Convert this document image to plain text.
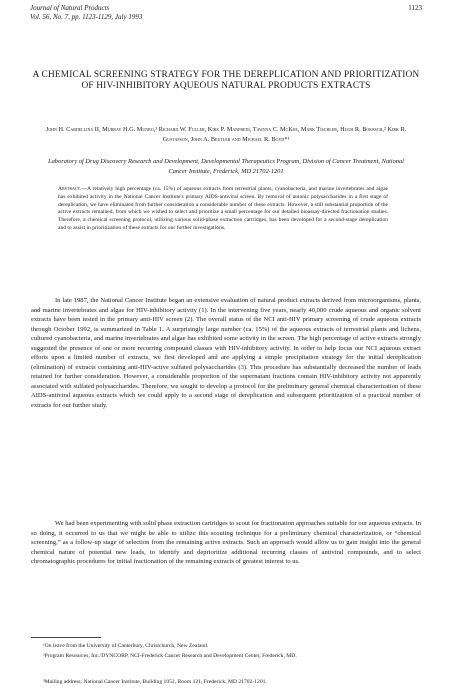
Journal of Natural Products
Vol. 56, No. 7, pp. 1123-1129, July 1993
1123
A CHEMICAL SCREENING STRATEGY FOR THE DEREPLICATION AND PRIORITIZATION OF HIV-INHIBITORY AQUEOUS NATURAL PRODUCTS EXTRACTS
John H. Cardellina II, Murray H.G. Munro,¹ Richard W. Fuller, Kirk P. Manfredi, Tawnya C. McKee, Mark Tischler, Hugh R. Bokesch,² Kirk R. Gustafson, John A. Beutler and Michael R. Boyd*³
Laboratory of Drug Discovery Research and Development, Developmental Therapeutics Program, Division of Cancer Treatment, National Cancer Institute, Frederick, MD 21702-1201
Abstract.—A relatively high percentage (ca. 15%) of aqueous extracts from terrestrial plants, cyanobacteria, and marine invertebrates and algae has exhibited activity in the National Cancer Institute's primary AIDS-antiviral screen. By removal of anionic polysaccharides in a first stage of dereplication, we have eliminated from further consideration a considerable number of these extracts. However, a still substantial proportion of the active extracts remained, from which we wished to select and prioritize a small percentage for our detailed bioassay-directed fractionation studies. Therefore, a chemical screening protocol, utilizing various solid-phase extraction cartridges, has been developed for a second-stage dereplication and to assist in prioritization of these extracts for our further investigations.

In late 1987, the National Cancer Institute began an extensive evaluation of natural product extracts derived from microorganisms, plants, and marine invertebrates and algae for HIV-inhibitory activity (1). In the intervening five years, nearly 40,000 crude aqueous and organic solvent extracts have been tested in the primary anti-HIV screen (2). The overall status of the NCI anti-HIV primary screening of crude aqueous extracts through October 1992, is summarized in Table 1. A surprisingly large number (ca. 15%) of the aqueous extracts of terrestrial plants and lichens, cultured cyanobacteria, and marine invertebrates and algae has exhibited some activity in the screen. The high percentage of active extracts strongly suggested the presence of one or more recurring compound classes with HIV-inhibitory activity. In order to help focus our NCI aqueous extract efforts upon a limited number of extracts, we first developed and are applying a simple precipitation strategy for the initial dereplication (elimination) of extracts containing anti-HIV-active sulfated polysaccharides (3). This procedure has substantially decreased the number of leads retained for further consideration. However, a considerable proportion of the supernatant fractions contain HIV-inhibitory activity not apparently associated with sulfated polysaccharides. Therefore, we sought to develop a protocol for the preliminary general chemical characterization of these AIDS-antiviral aqueous extracts which we could apply to a second stage of dereplication and subsequent prioritization of a practical number of extracts for our further study.

We had been experimenting with solid phase extraction cartridges to scout for fractionation approaches suitable for our aqueous extracts. In so doing, it occurred to us that we might be able to utilize this scouting technique for a preliminary chemical characterization, or “chemical screening,” as a follow-up stage of selection from the remaining active extracts. Such an approach would allow us to gain insight into the general chemical nature of potential new leads, to identify and deprioritize additional recurring classes of antiviral compounds, and to select chromatographic procedures for initial fractionation of the remaining extracts of greatest interest to us.

¹On leave from the University of Canterbury, Christchurch, New Zealand.
²Program Resources, Inc./DYNCORP, NCI-Frederick Cancer Research and Development Center, Frederick, MD.
³Mailing address: National Cancer Institute, Building 1052, Room 121, Frederick, MD 21702-1201.
